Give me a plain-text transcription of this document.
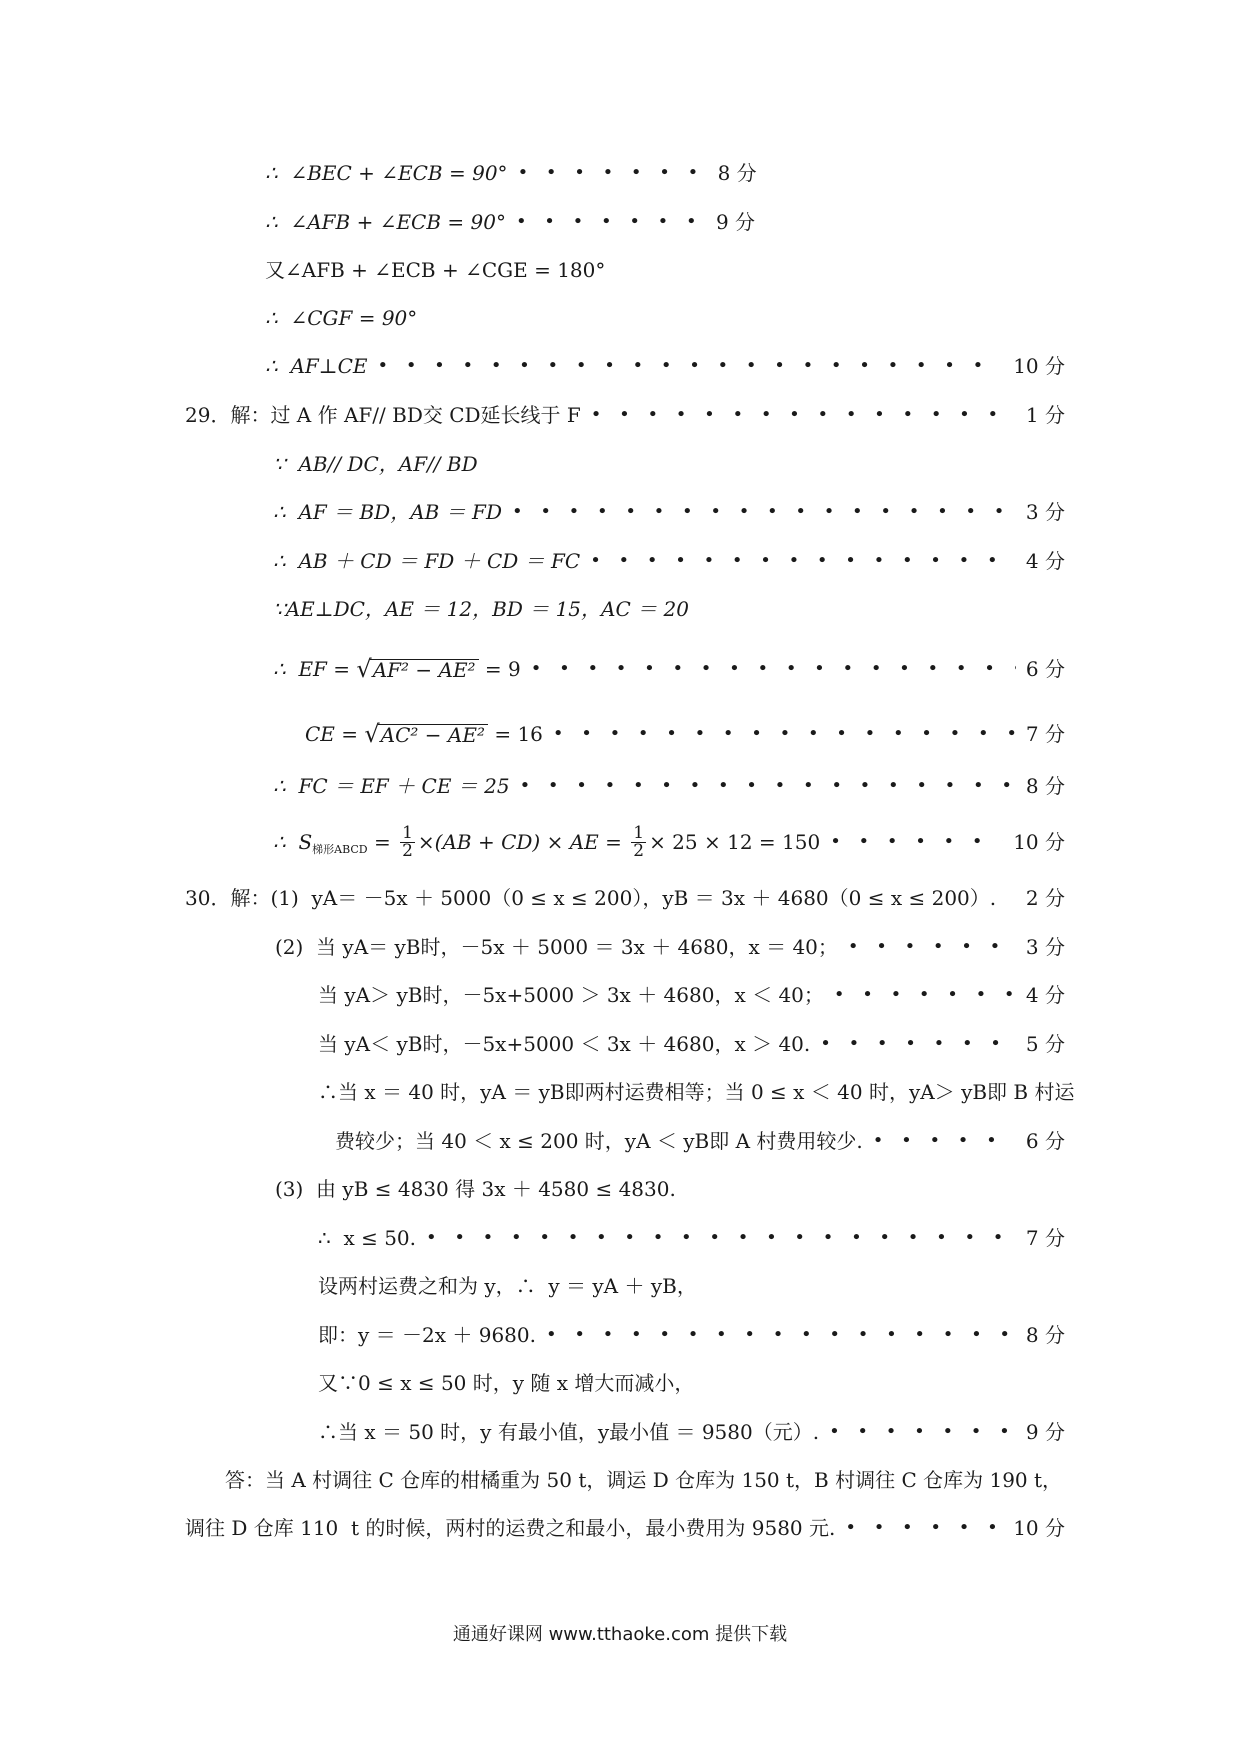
∴  ∠BEC + ∠ECB = 90° • • •	8 分
∴  ∠AFB + ∠ECB = 90° • • •	9 分
又∠AFB + ∠ECB + ∠CGE = 180°
∴  ∠CGF = 90°
∴  AF⊥CE • • •	10 分
29．解：过 A 作 AF// BD交 CD延长线于 F • • •	1 分
∵  AB// DC，AF// BD
∴  AF ＝ BD，AB ＝ FD • • •	3 分
∴  AB ＋ CD ＝ FD ＋ CD ＝ FC • • •	4 分
∵AE⊥DC，AE ＝ 12，BD ＝ 15，AC ＝ 20
∴  EF = √ AF² − AE² = 9 • • •	6 分
CE = √ AC² − AE² = 16 • • •	7 分
∴  FC ＝ EF ＋ CE ＝ 25 • • •	8 分
∴  S 梯形ABCD = $\frac{1}{2} \times(AB + CD)$ × AE = $\frac{1}{2} \times 25 \times 12 = 150$ • • •	10 分
30．解：(1)  yA＝ －5x ＋ 5000（0 ≤ x ≤ 200），yB ＝ 3x ＋ 4680（0 ≤ x ≤ 200）. 2 分
(2)  当 yA＝ yB时，－5x ＋ 5000 ＝ 3x ＋ 4680，x ＝ 40； • • •	3 分
当 yA＞ yB时，－5x+5000 ＞ 3x ＋ 4680，x ＜ 40； • • •	4 分
当 yA＜ yB时，－5x+5000 ＜ 3x ＋ 4680，x ＞ 40. • • •	5 分
∴当 x ＝ 40 时，yA ＝ yB即两村运费相等；当 0 ≤ x ＜ 40 时，yA＞ yB即 B 村运
费较少；当 40 ＜ x ≤ 200 时，yA ＜ yB即 A 村费用较少. • • •	6 分
(3)  由 yB ≤ 4830 得 3x ＋ 4580 ≤ 4830.
∴  x ≤ 50. • • •	7 分
设两村运费之和为 y，∴  y ＝ yA ＋ yB，
即：y ＝ －2x ＋ 9680. • • •	8 分
又∵0 ≤ x ≤ 50 时，y 随 x 增大而减小，
∴当 x ＝ 50 时，y 有最小值，y最小值 ＝ 9580（元）. • • •	9 分
答：当 A 村调往 C 仓库的柑橘重为 50 t，调运 D 仓库为 150 t，B 村调往 C 仓库为 190 t，
调往 D 仓库 110  t 的时候，两村的运费之和最小，最小费用为 9580 元. • • •	10 分
通通好课网 www.tthaoke.com 提供下载
